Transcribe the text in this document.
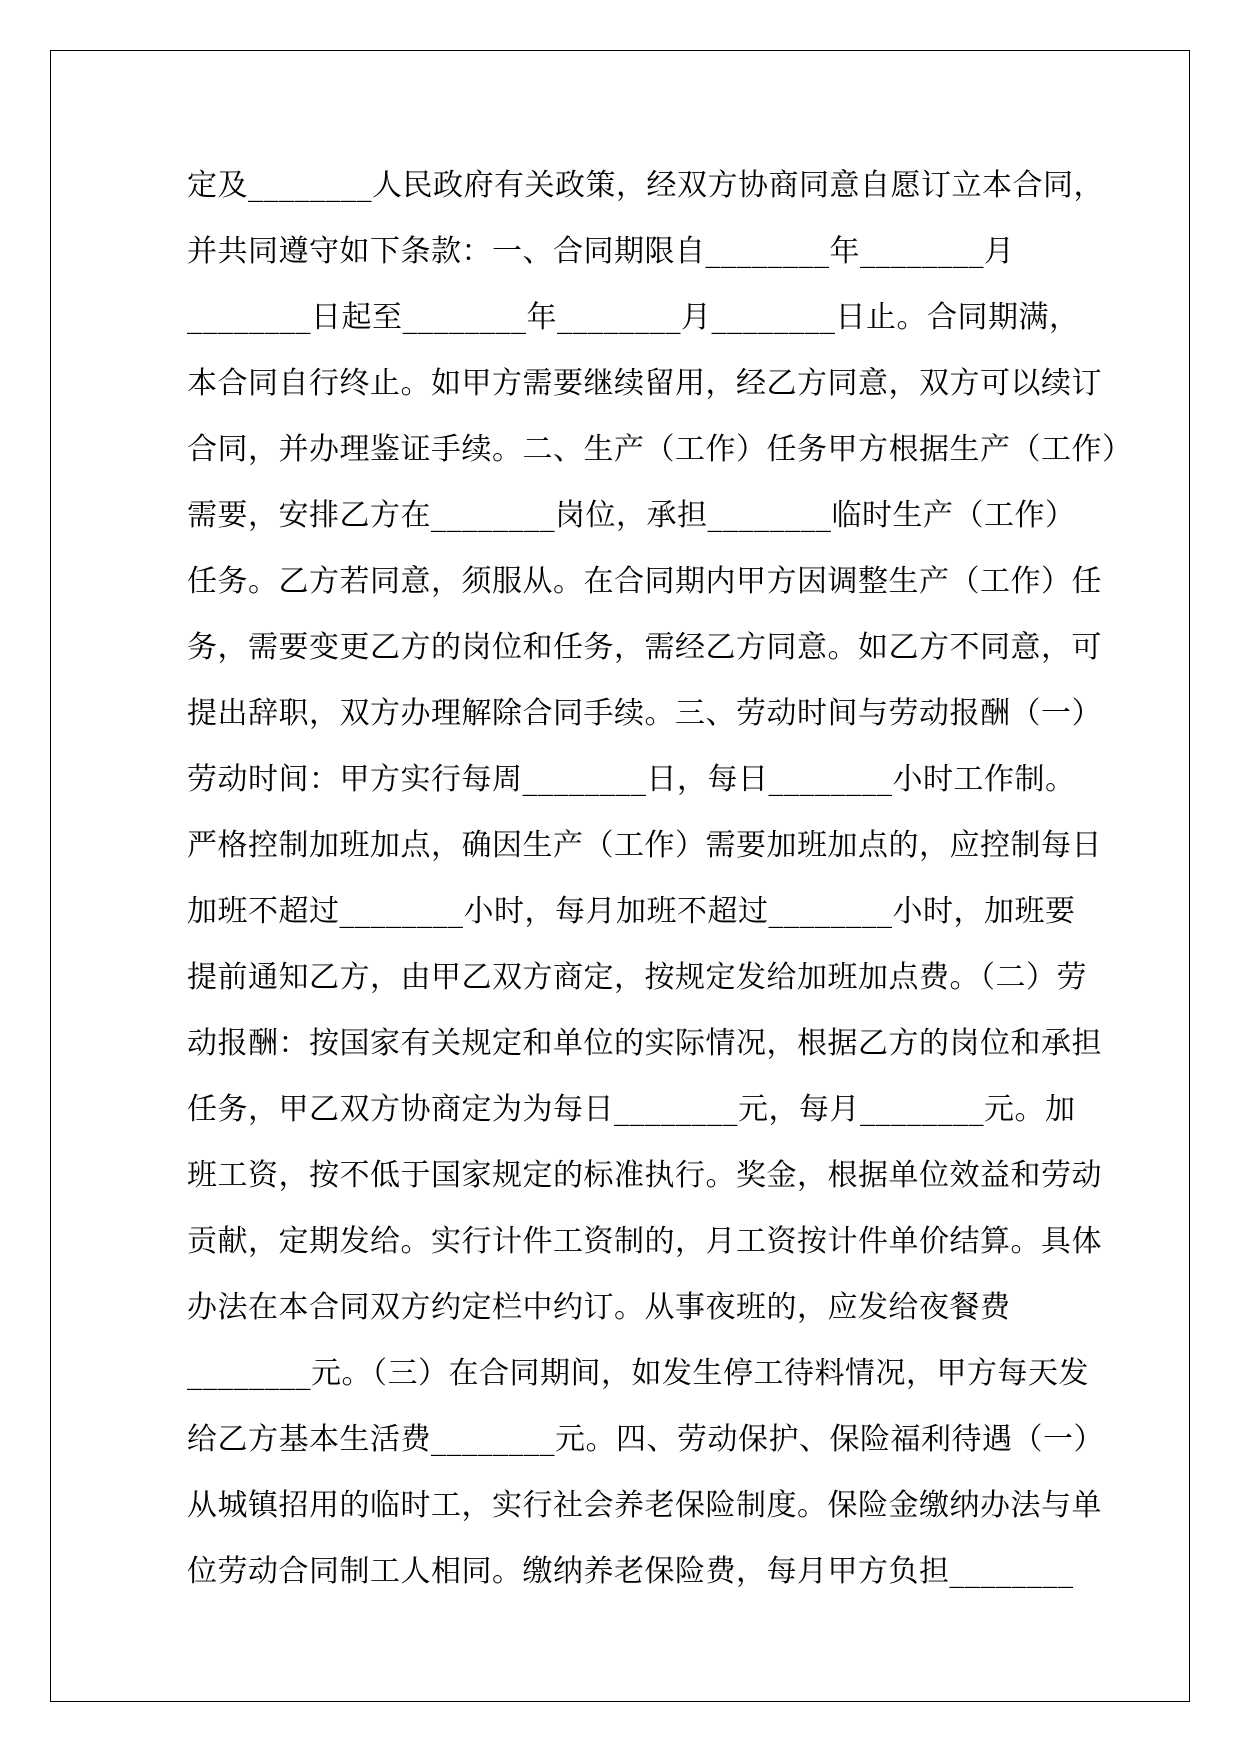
定及________人民政府有关政策，经双方协商同意自愿订立本合同，
并共同遵守如下条款：一、合同期限自________年________月
________日起至________年________月________日止。合同期满，
本合同自行终止。如甲方需要继续留用，经乙方同意，双方可以续订
合同，并办理鉴证手续。二、生产（工作）任务甲方根据生产（工作）
需要，安排乙方在________岗位，承担________临时生产（工作）
任务。乙方若同意，须服从。在合同期内甲方因调整生产（工作）任
务，需要变更乙方的岗位和任务，需经乙方同意。如乙方不同意，可
提出辞职，双方办理解除合同手续。三、劳动时间与劳动报酬（一）
劳动时间：甲方实行每周________日，每日________小时工作制。
严格控制加班加点，确因生产（工作）需要加班加点的，应控制每日
加班不超过________小时，每月加班不超过________小时，加班要
提前通知乙方，由甲乙双方商定，按规定发给加班加点费。（二）劳
动报酬：按国家有关规定和单位的实际情况，根据乙方的岗位和承担
任务，甲乙双方协商定为为每日________元，每月________元。加
班工资，按不低于国家规定的标准执行。奖金，根据单位效益和劳动
贡献，定期发给。实行计件工资制的，月工资按计件单价结算。具体
办法在本合同双方约定栏中约订。从事夜班的，应发给夜餐费
________元。（三）在合同期间，如发生停工待料情况，甲方每天发
给乙方基本生活费________元。四、劳动保护、保险福利待遇（一）
从城镇招用的临时工，实行社会养老保险制度。保险金缴纳办法与单
位劳动合同制工人相同。缴纳养老保险费，每月甲方负担________
